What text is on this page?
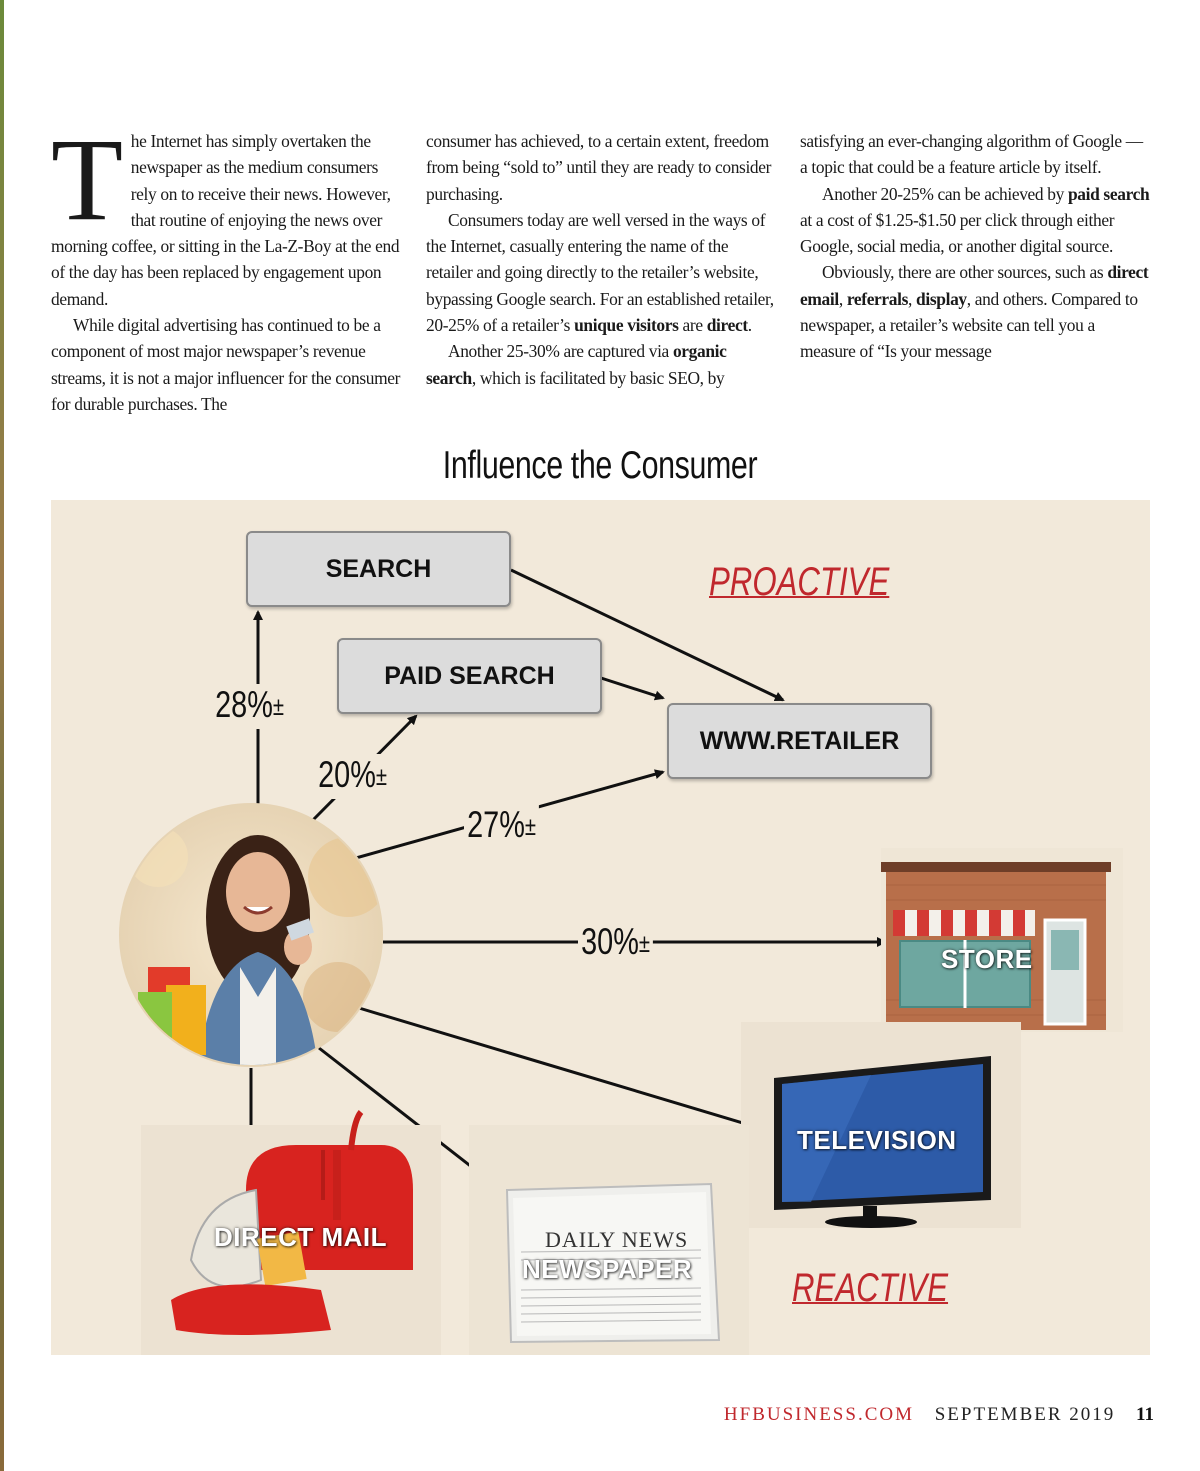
The Internet has simply overtaken the newspaper as the medium consumers rely on to receive their news. However, that routine of enjoying the news over morning coffee, or sitting in the La-Z-Boy at the end of the day has been replaced by engagement upon demand.

While digital advertising has continued to be a component of most major newspaper’s revenue streams, it is not a major influencer for the consumer for durable purchases. The

consumer has achieved, to a certain extent, freedom from being “sold to” until they are ready to consider purchasing.

Consumers today are well versed in the ways of the Internet, casually entering the name of the retailer and going directly to the retailer’s website, bypassing Google search. For an established retailer, 20-25% of a retailer’s unique visitors are direct.

Another 25-30% are captured via organic search, which is facilitated by basic SEO, by

satisfying an ever-changing algorithm of Google — a topic that could be a feature article by itself.

Another 20-25% can be achieved by paid search at a cost of $1.25-$1.50 per click through either Google, social media, or another digital source.

Obviously, there are other sources, such as direct email, referrals, display, and others. Compared to newspaper, a retailer’s website can tell you a measure of “Is your message

Influence the Consumer
DAILY NEWS
SEARCH
PAID SEARCH
WWW.RETAILER
28%±
20%±
27%±
30%±
PROACTIVE
REACTIVE
STORE
TELEVISION
DIRECT MAIL
NEWSPAPER
HFBUSINESS.COM SEPTEMBER 2019 11
